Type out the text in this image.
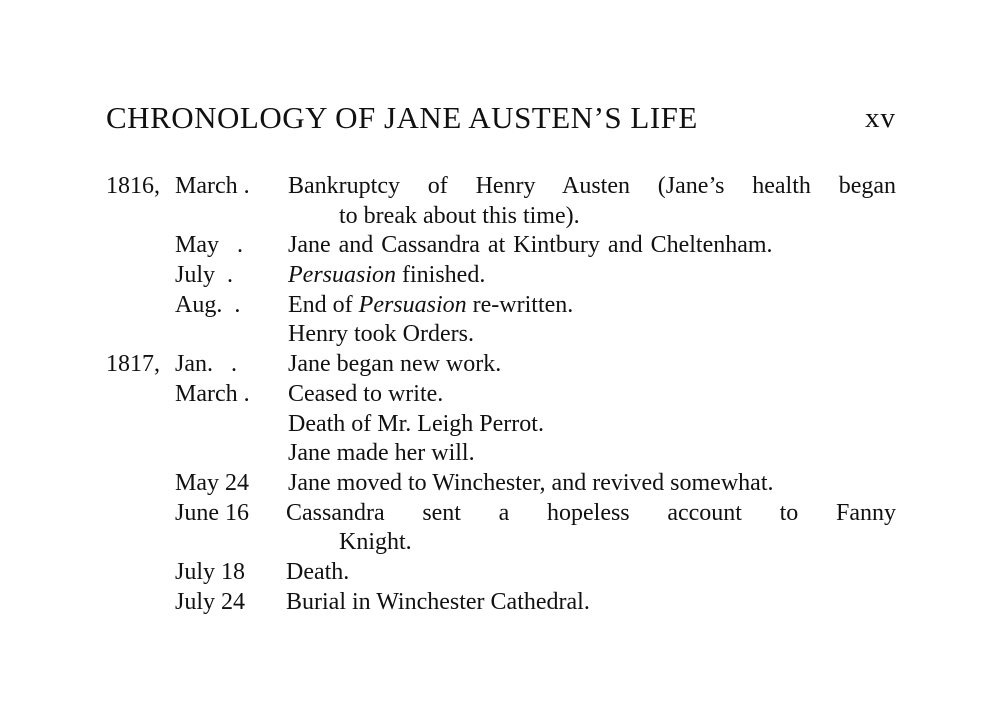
CHRONOLOGY OF JANE AUSTEN’S LIFE	xv
1816, March . Bankruptcy of Henry Austen (Jane’s health began
to break about this time).
May   . Jane and Cassandra at Kintbury and Cheltenham.
July  . Persuasion finished.
Aug.  . End of Persuasion re-written.
Henry took Orders.
1817, Jan.   . Jane began new work.
March . Ceased to write.
Death of Mr. Leigh Perrot.
Jane made her will.
May 24 Jane moved to Winchester, and revived somewhat.
June 16 Cassandra sent a hopeless account to Fanny
Knight.
July 18 Death.
July 24 Burial in Winchester Cathedral.
